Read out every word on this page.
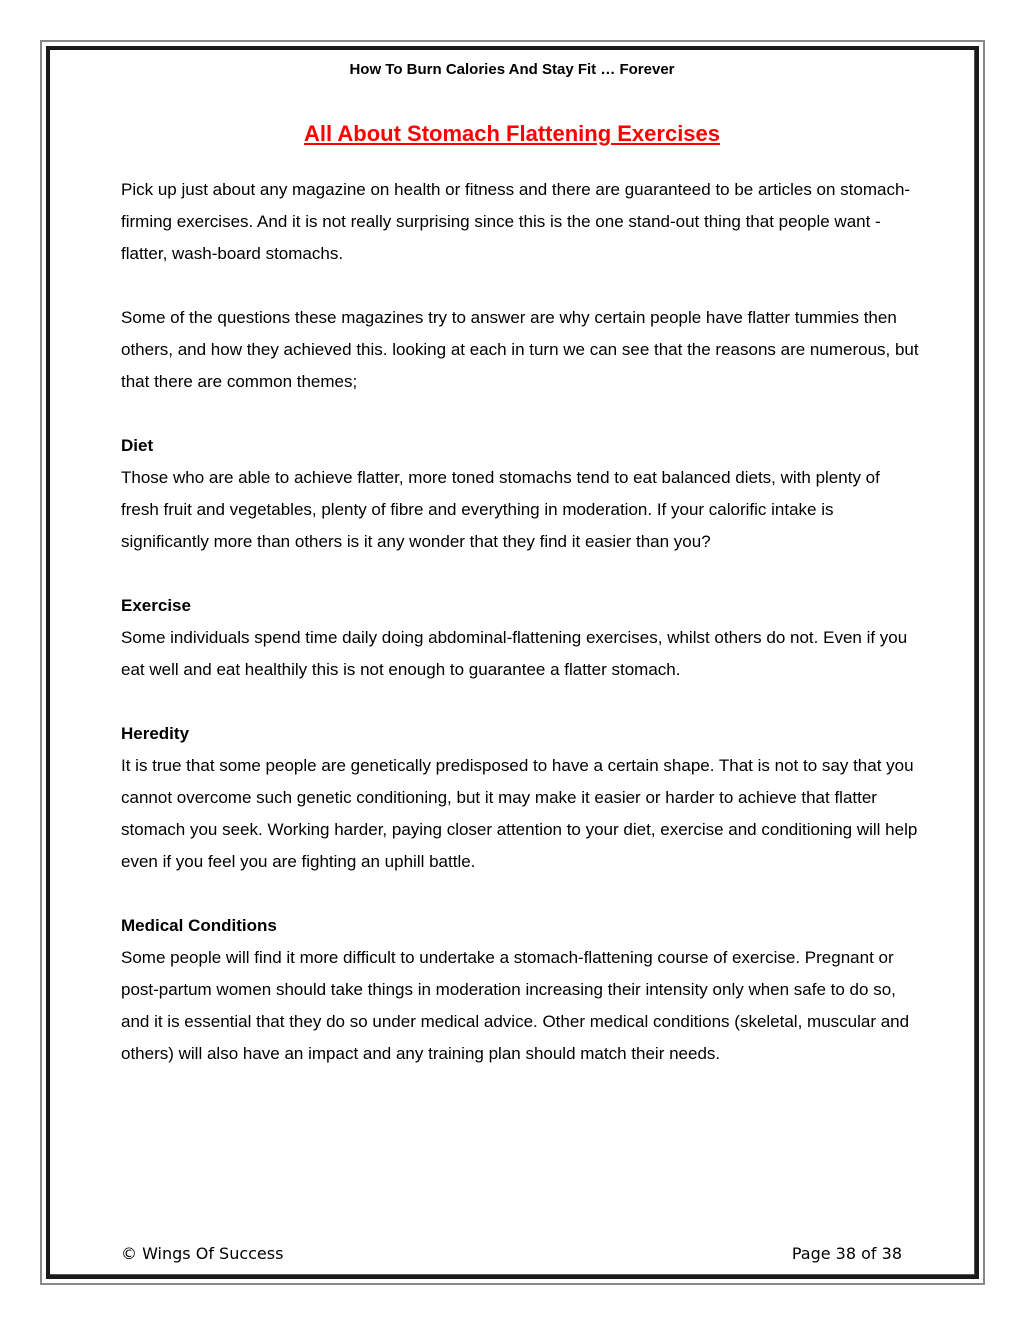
How To Burn Calories And Stay Fit … Forever
All About Stomach Flattening Exercises

Pick up just about any magazine on health or fitness and there are guaranteed to be articles on stomach-firming exercises. And it is not really surprising since this is the one stand-out thing that people want - flatter, wash-board stomachs.

Some of the questions these magazines try to answer are why certain people have flatter tummies then others, and how they achieved this. looking at each in turn we can see that the reasons are numerous, but that there are common themes;

Diet

Those who are able to achieve flatter, more toned stomachs tend to eat balanced diets, with plenty of fresh fruit and vegetables, plenty of fibre and everything in moderation. If your calorific intake is significantly more than others is it any wonder that they find it easier than you?

Exercise

Some individuals spend time daily doing abdominal-flattening exercises, whilst others do not. Even if you eat well and eat healthily this is not enough to guarantee a flatter stomach.

Heredity

It is true that some people are genetically predisposed to have a certain shape. That is not to say that you cannot overcome such genetic conditioning, but it may make it easier or harder to achieve that flatter stomach you seek. Working harder, paying closer attention to your diet, exercise and conditioning will help even if you feel you are fighting an uphill battle.

Medical Conditions

Some people will find it more difficult to undertake a stomach-flattening course of exercise. Pregnant or post-partum women should take things in moderation increasing their intensity only when safe to do so, and it is essential that they do so under medical advice. Other medical conditions (skeletal, muscular and others) will also have an impact and any training plan should match their needs.

© Wings Of Success	Page 38 of 38
